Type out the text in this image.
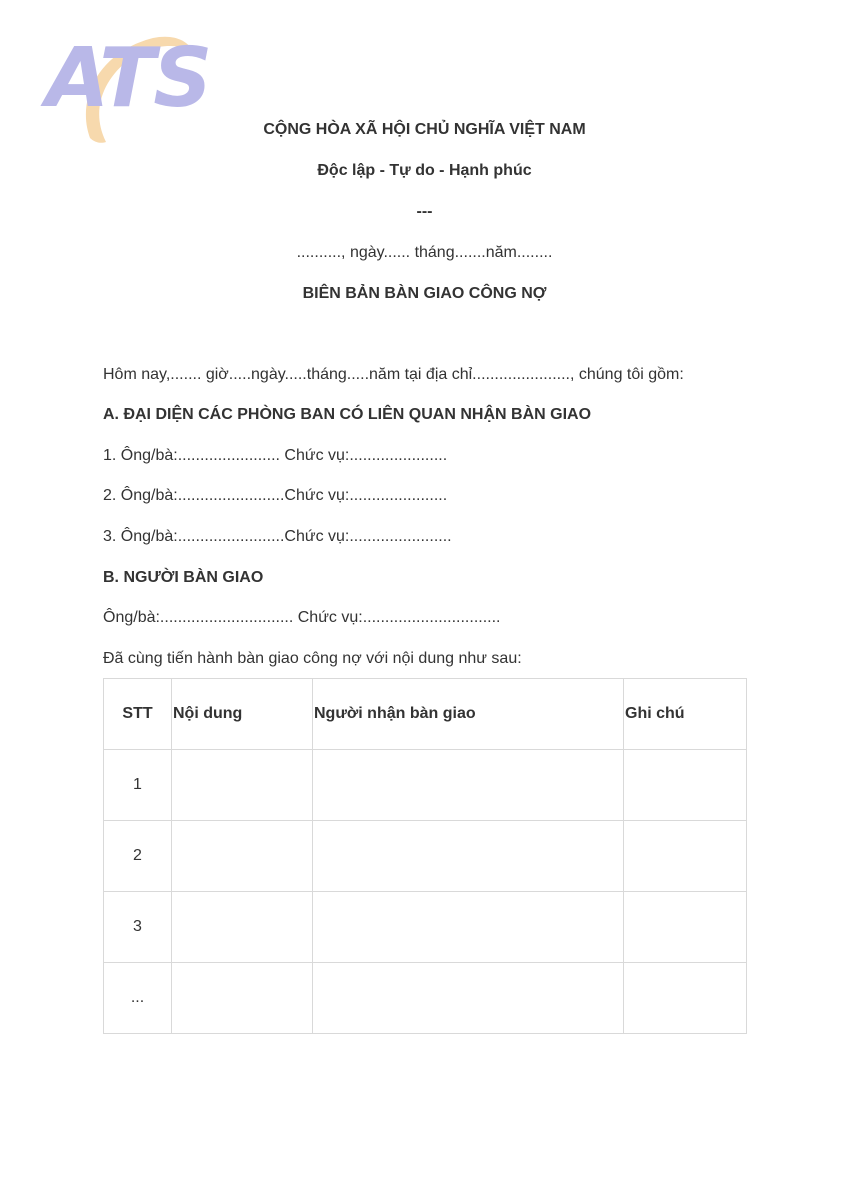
ATS
CỘNG HÒA XÃ HỘI CHỦ NGHĨA VIỆT NAM
Độc lập - Tự do - Hạnh phúc
---
.........., ngày...... tháng.......năm........
BIÊN BẢN BÀN GIAO CÔNG NỢ
Hôm nay,....... giờ.....ngày.....tháng.....năm tại địa chỉ......................, chúng tôi gồm:
A. ĐẠI DIỆN CÁC PHÒNG BAN CÓ LIÊN QUAN NHẬN BÀN GIAO
1. Ông/bà:....................... Chức vụ:......................
2. Ông/bà:........................Chức vụ:......................
3. Ông/bà:........................Chức vụ:.......................
B. NGƯỜI BÀN GIAO
Ông/bà:.............................. Chức vụ:...............................
Đã cùng tiến hành bàn giao công nợ với nội dung như sau:
STT	Nội dung	Người nhận bàn giao	Ghi chú
1			
2			
3			
...			
